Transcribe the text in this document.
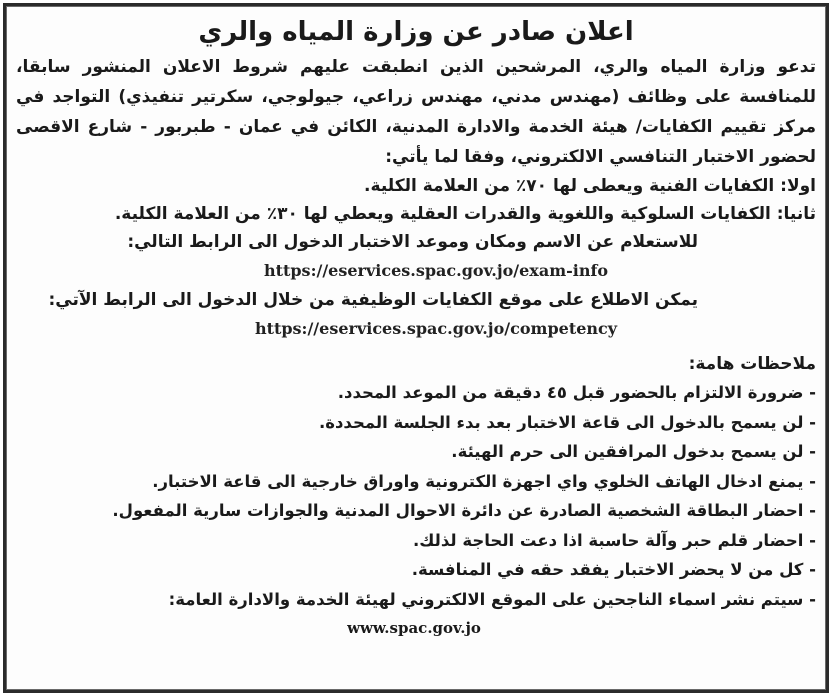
اعلان صادر عن وزارة المياه والري
تدعو وزارة المياه والري، المرشحين الذين انطبقت عليهم شروط الاعلان المنشور سابقا، للمنافسة على وظائف (مهندس مدني، مهندس زراعي، جيولوجي، سكرتير تنفيذي) التواجد في مركز تقييم الكفايات/ هيئة الخدمة والادارة المدنية، الكائن في عمان - طبربور - شارع الاقصى لحضور الاختبار التنافسي الالكتروني، وفقا لما يأتي:
اولا: الكفايات الفنية ويعطى لها ٧٠٪ من العلامة الكلية.
ثانيا: الكفايات السلوكية واللغوية والقدرات العقلية ويعطي لها ٣٠٪ من العلامة الكلية.
للاستعلام عن الاسم ومكان وموعد الاختبار الدخول الى الرابط التالي:
https://eservices.spac.gov.jo/exam-info
يمكن الاطلاع على موقع الكفايات الوظيفية من خلال الدخول الى الرابط الآتي:
https://eservices.spac.gov.jo/competency
ملاحظات هامة:
- ضرورة الالتزام بالحضور قبل ٤٥ دقيقة من الموعد المحدد.
- لن يسمح بالدخول الى قاعة الاختبار بعد بدء الجلسة المحددة.
- لن يسمح بدخول المرافقين الى حرم الهيئة.
- يمنع ادخال الهاتف الخلوي واي اجهزة الكترونية واوراق خارجية الى قاعة الاختبار.
- احضار البطاقة الشخصية الصادرة عن دائرة الاحوال المدنية والجوازات سارية المفعول.
- احضار قلم حبر وآلة حاسبة اذا دعت الحاجة لذلك.
- كل من لا يحضر الاختبار يفقد حقه في المنافسة.
- سيتم نشر اسماء الناجحين على الموقع الالكتروني لهيئة الخدمة والادارة العامة:
www.spac.gov.jo
